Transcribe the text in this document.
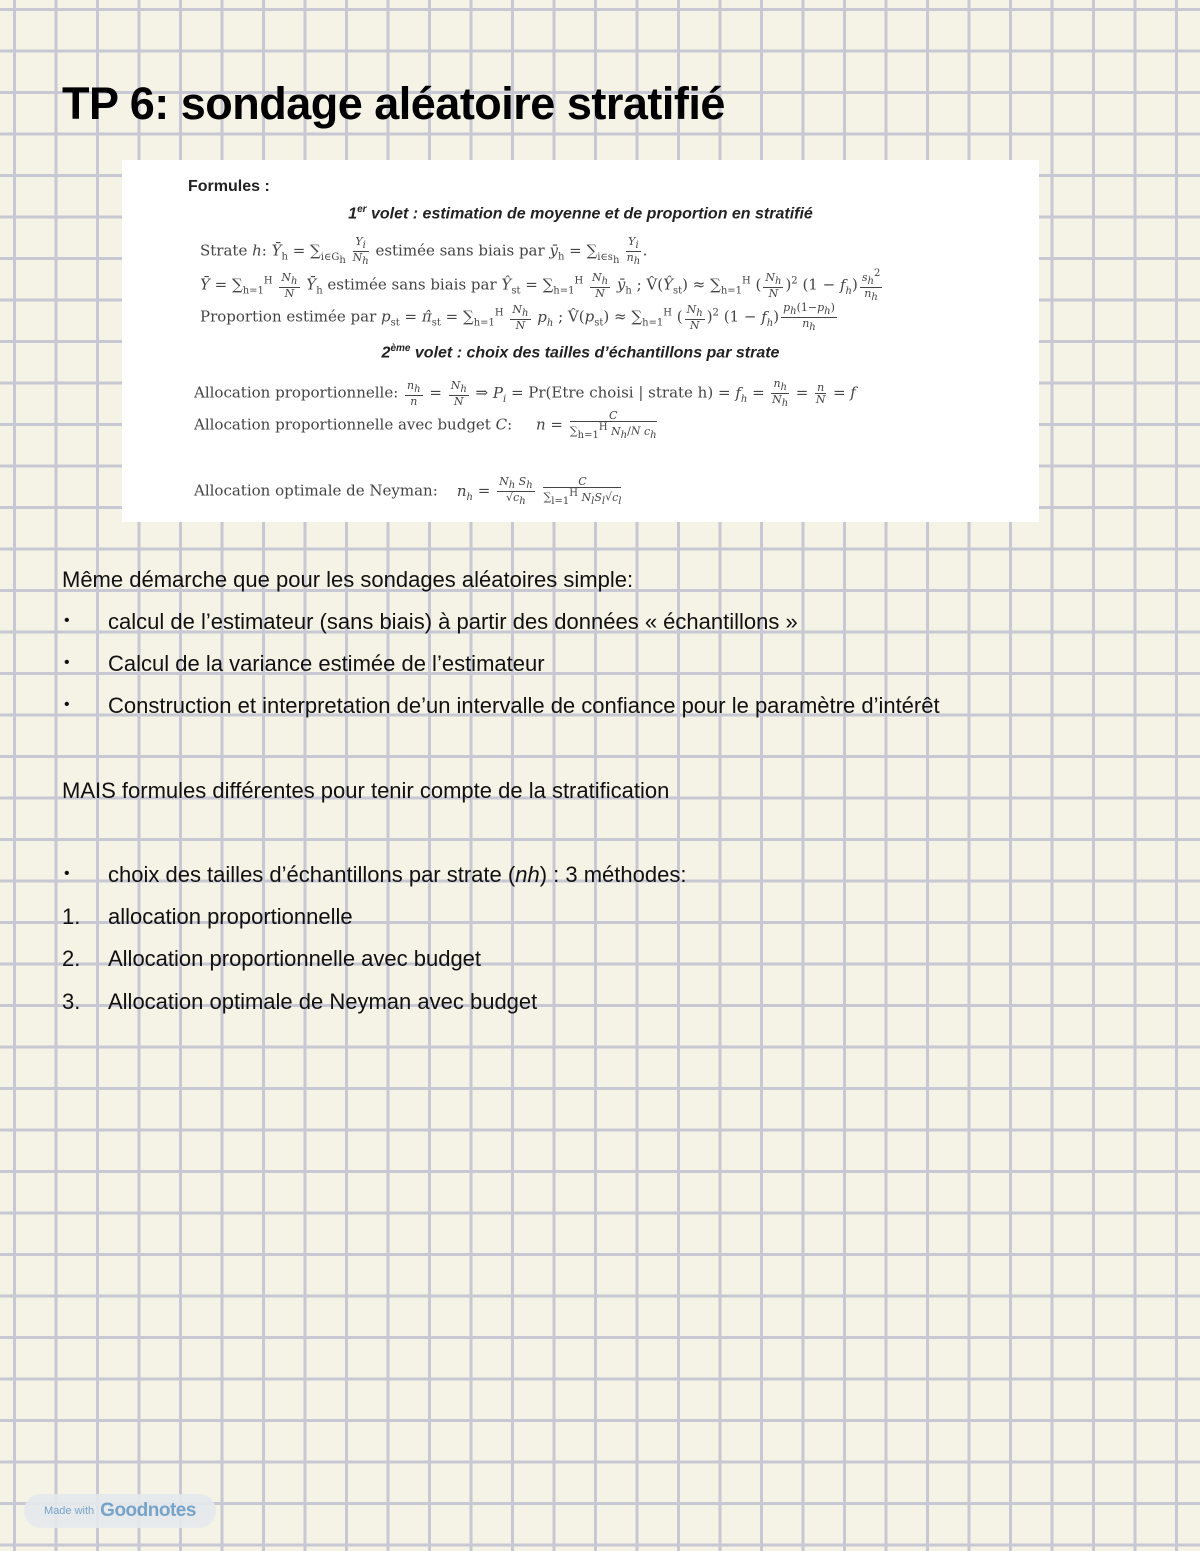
TP 6: sondage aléatoire stratifié
Formules :
1er volet : estimation de moyenne et de proportion en stratifié
Strate h: $Ȳ_h = \sum_{i\in G_h} \frac{Y_i}{N_h}$ estimée sans biais par $ȳ_h = \sum_{i\in s_h} \frac{Y_i}{n_h}$ .
Ȳ = $\sum_{h=1}^H \frac{N_h}{N}$ $Ȳ_h$ estimée sans biais par $Ŷ_{st} = \sum_{h=1}^H \frac{N_h}{N}$ $ȳ_h$ ; $V̂(Ŷ_{st}) \approx \sum_{h=1}^H$ ( $\frac{N_h}{N} )^2$ $(1 - f_h) \frac{s_h^2}{n_h}$
Proportion estimée par $p_{st}$ = $\pî_{st} = \sum_{h=1}^H \frac{N_h}{N} p_h$ ; $V̂(p_{st}) \approx \sum_{h=1}^H$ ( $\frac{N_h}{N} )^2$ $(1 - f_h) \frac{p_h(1-p_h)}{n_h}$
2ème volet : choix des tailles d’échantillons par strate
Allocation proportionnelle: $\frac{n_h}{n} = \frac{N_h}{N}$ ⇒ $P_i$ = Pr(Etre choisi | strate $h) = f_h = \frac{n_h}{N_h} = \frac{n}{N} = f$
Allocation proportionnelle avec budget C:     $n = \frac{C}{\sum_{h=1}^H N_h/N c_h}$
Allocation optimale de Neyman:    $n_h = \frac{N_h S_h}{√c_h}$
$\frac{C}{\sum_{l=1}^H N_lS_l√c_l}$
Même démarche que pour les sondages aléatoires simple:
•	calcul de l’estimateur (sans biais) à partir des données « échantillons »
•	Calcul de la variance estimée de l’estimateur
•	Construction et interpretation de’un intervalle de confiance pour le paramètre d’intérêt
MAIS formules différentes pour tenir compte de la stratification
•	choix des tailles d’échantillons par strate (nh) : 3 méthodes:
1.	allocation proportionnelle
2.	Allocation proportionnelle avec budget
3.	Allocation optimale de Neyman avec budget
Made with Goodnotes
